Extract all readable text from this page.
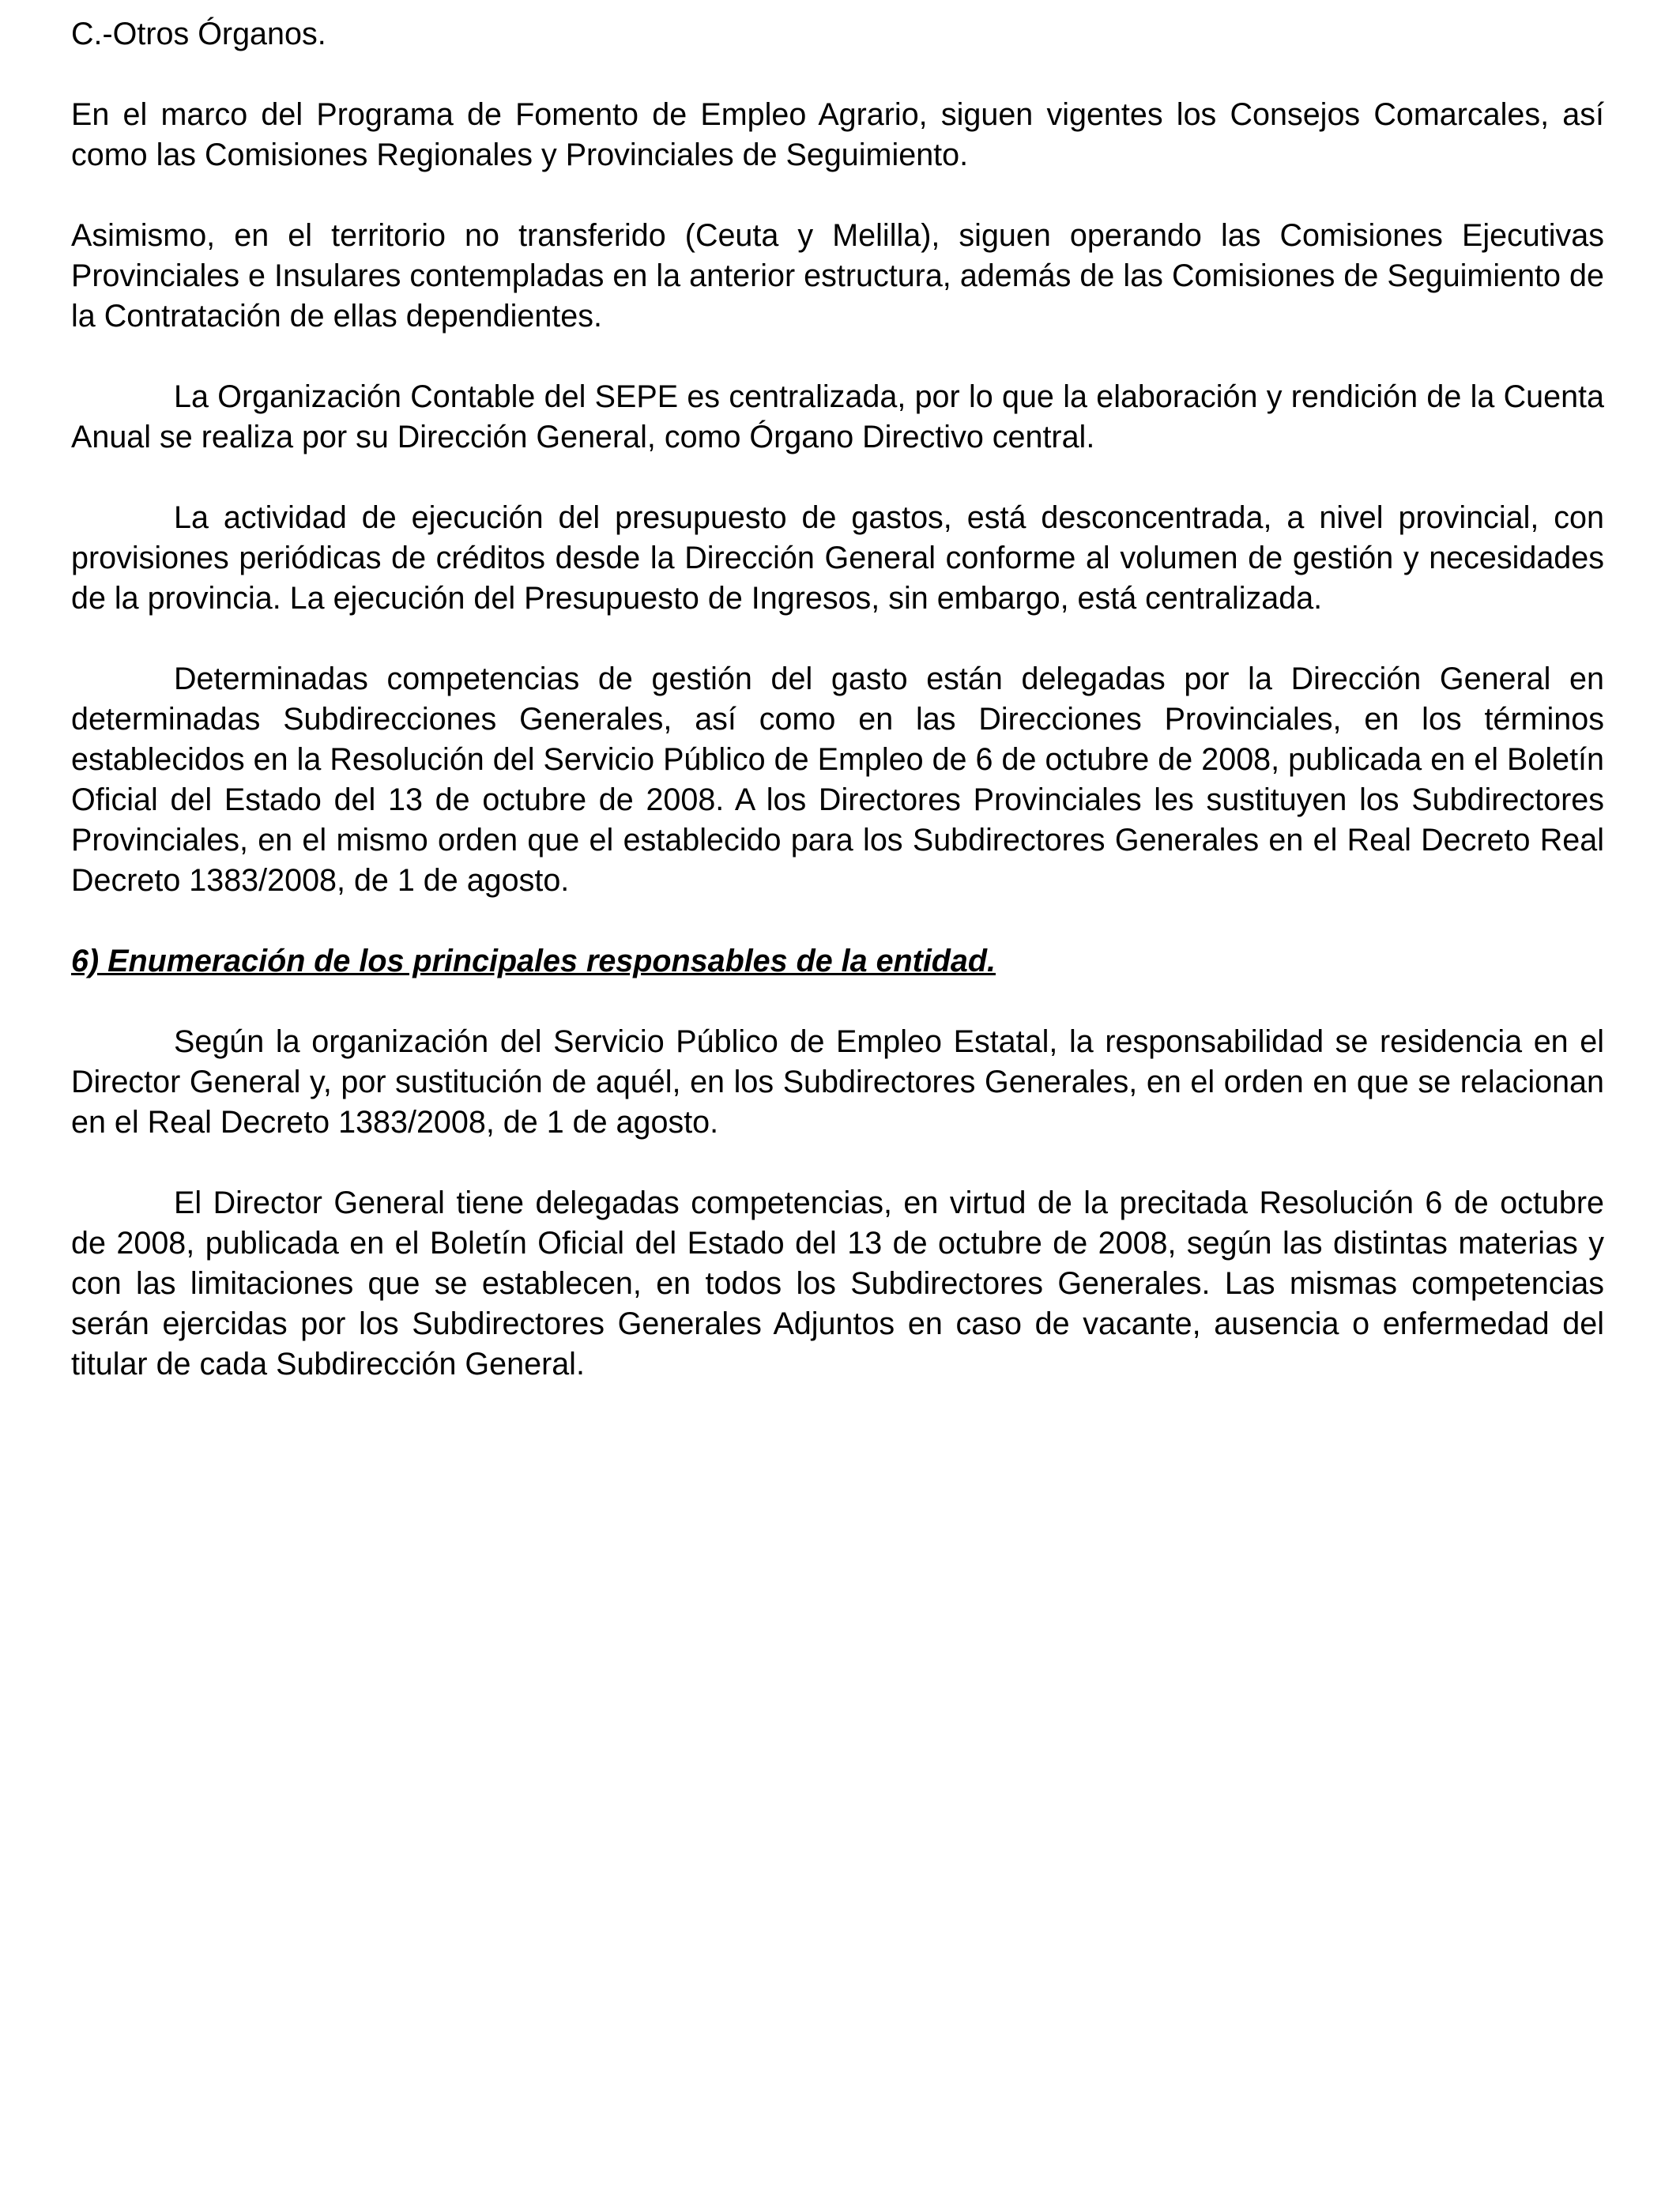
C.-Otros Órganos.

En el marco del Programa de Fomento de Empleo Agrario, siguen vigentes los Consejos Comarcales, así como las Comisiones Regionales y Provinciales de Seguimiento.

Asimismo, en el territorio no transferido (Ceuta y Melilla), siguen operando las Comisiones Ejecutivas Provinciales e Insulares contempladas en la anterior estructura, además de las Comisiones de Seguimiento de la Contratación de ellas dependientes.

La Organización Contable del SEPE es centralizada, por lo que la elaboración y rendición de la Cuenta Anual se realiza por su Dirección General, como Órgano Directivo central.

La actividad de ejecución del presupuesto de gastos, está desconcentrada, a nivel provincial, con provisiones periódicas de créditos desde la Dirección General conforme al volumen de gestión y necesidades de la provincia. La ejecución del Presupuesto de Ingresos, sin embargo, está centralizada.

Determinadas competencias de gestión del gasto están delegadas por la Dirección General en determinadas Subdirecciones Generales, así como en las Direcciones Provinciales, en los términos establecidos en la Resolución del Servicio Público de Empleo de 6 de octubre de 2008, publicada en el Boletín Oficial del Estado del 13 de octubre de 2008. A los Directores Provinciales les sustituyen los Subdirectores Provinciales, en el mismo orden que el establecido para los Subdirectores Generales en el Real Decreto Real Decreto 1383/2008, de 1 de agosto.

6) Enumeración de los principales responsables de la entidad.

Según la organización del Servicio Público de Empleo Estatal, la responsabilidad se residencia en el Director General y, por sustitución de aquél, en los Subdirectores Generales, en el orden en que se relacionan en el Real Decreto 1383/2008, de 1 de agosto.

El Director General tiene delegadas competencias, en virtud de la precitada Resolución 6 de octubre de 2008, publicada en el Boletín Oficial del Estado del 13 de octubre de 2008, según las distintas materias y con las limitaciones que se establecen, en todos los Subdirectores Generales. Las mismas competencias serán ejercidas por los Subdirectores Generales Adjuntos en caso de vacante, ausencia o enfermedad del titular de cada Subdirección General.
